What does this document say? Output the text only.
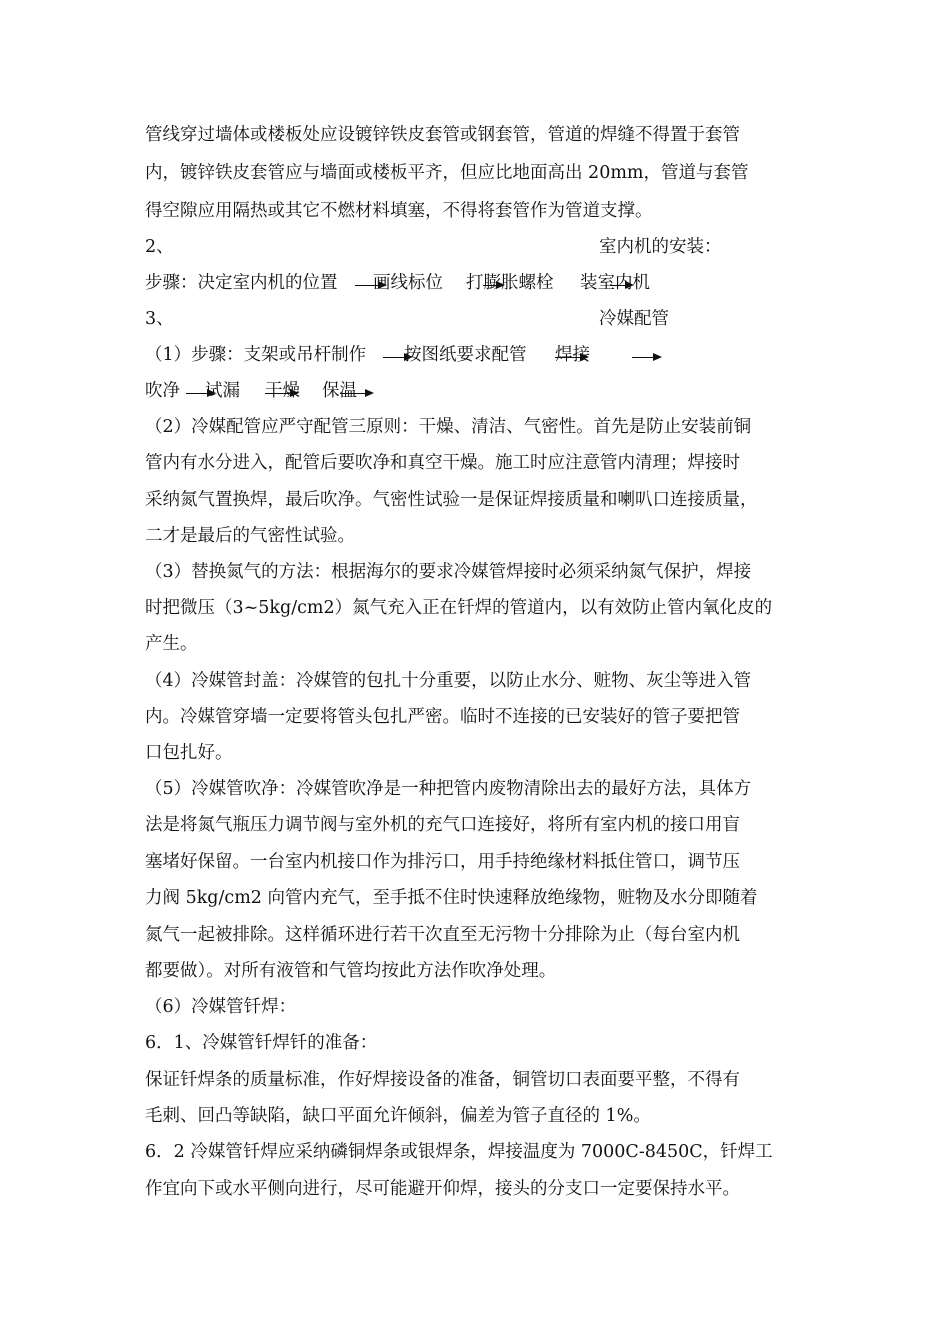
管线穿过墙体或楼板处应设镀锌铁皮套管或钢套管，管道的焊缝不得置于套管
内，镀锌铁皮套管应与墙面或楼板平齐，但应比地面高出 20mm，管道与套管
得空隙应用隔热或其它不燃材料填塞，不得将套管作为管道支撑。
2、	室内机的安装：
步骤：决定室内机的位置 画线标位 打膨胀螺栓 装室内机
3、	冷媒配管
（1）步骤：支架或吊杆制作 按图纸要求配管 焊接
吹净 试漏 干燥 保温
（2）冷媒配管应严守配管三原则：干燥、清洁、气密性。首先是防止安装前铜
管内有水分进入，配管后要吹净和真空干燥。施工时应注意管内清理；焊接时
采纳氮气置换焊，最后吹净。气密性试验一是保证焊接质量和喇叭口连接质量，
二才是最后的气密性试验。
（3）替换氮气的方法：根据海尔的要求冷媒管焊接时必须采纳氮气保护，焊接
时把微压（3~5kg/cm2）氮气充入正在钎焊的管道内，以有效防止管内氧化皮的
产生。
（4）冷媒管封盖：冷媒管的包扎十分重要，以防止水分、赃物、灰尘等进入管
内。冷媒管穿墙一定要将管头包扎严密。临时不连接的已安装好的管子要把管
口包扎好。
（5）冷媒管吹净：冷媒管吹净是一种把管内废物清除出去的最好方法，具体方
法是将氮气瓶压力调节阀与室外机的充气口连接好，将所有室内机的接口用盲
塞堵好保留。一台室内机接口作为排污口，用手持绝缘材料抵住管口，调节压
力阀 5kg/cm2 向管内充气，至手抵不住时快速释放绝缘物，赃物及水分即随着
氮气一起被排除。这样循环进行若干次直至无污物十分排除为止（每台室内机
都要做）。对所有液管和气管均按此方法作吹净处理。
（6）冷媒管钎焊：
6．1、冷媒管钎焊钎的准备：
保证钎焊条的质量标准，作好焊接设备的准备，铜管切口表面要平整，不得有
毛刺、回凸等缺陷，缺口平面允许倾斜，偏差为管子直径的 1%。
6．2 冷媒管钎焊应采纳磷铜焊条或银焊条，焊接温度为 7000C-8450C，钎焊工
作宜向下或水平侧向进行，尽可能避开仰焊，接头的分支口一定要保持水平。
